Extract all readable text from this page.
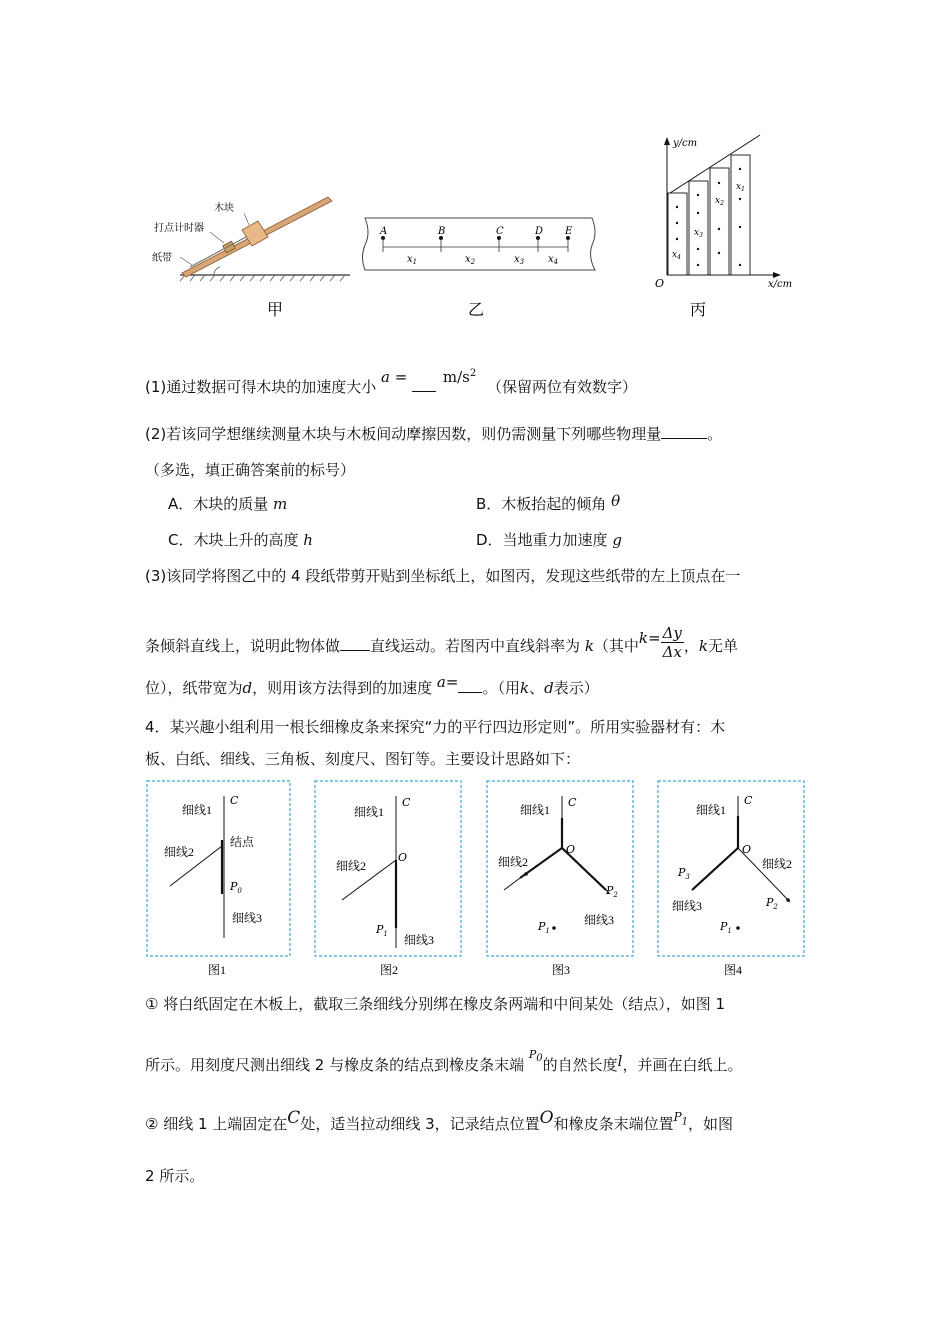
木块
打点计时器
纸带
甲
A	B	C	D E
$x_1$	$x_2$	$x_3$ $x_4$
乙
$x_4$
$x_3$
$x_2$
$x_1$
y/cm
x/cm
O
丙
(1)通过数据可得木块的加速度大小 $a = m/s^2$ （保留两位有效数字）
(2)若该同学想继续测量木块与木板间动摩擦因数，则仍需测量下列哪些物理量	。
（多选，填正确答案前的标号）
A．木块的质量 m	B．木板抬起的倾角 θ
C．木块上升的高度 h	D．当地重力加速度 g
(3)该同学将图乙中的 4 段纸带剪开贴到坐标纸上，如图丙，发现这些纸带的左上顶点在一
条倾斜直线上，说明此物体做 直线运动。若图丙中直线斜率为 k（其中$k= \frac{\Delta y}{\Delta x}$ ，k无单
位），纸带宽为d，则用该方法得到的加速度 a= 。（用k、d表示）
4．某兴趣小组利用一根长细橡皮条来探究“力的平行四边形定则”。所用实验器材有：木
板、白纸、细线、三角板、刻度尺、图钉等。主要设计思路如下：
C
细线1
细线2
结点
$P_0$
细线3
图1
C
细线1
细线2
O
$P_1$ 细线3
图2
C
细线1
细线2
O
$P_2$
细线3
$P_1$
图3
C
细线1
O
细线2
$P_3$
细线3	$P_2$
$P_1$
图4
① 将白纸固定在木板上，截取三条细线分别绑在橡皮条两端和中间某处（结点），如图 1
所示。用刻度尺测出细线 2 与橡皮条的结点到橡皮条末端 $^{P0}$的自然长度l，并画在白纸上。
② 细线 1 上端固定在C处，适当拉动细线 3，记录结点位置O和橡皮条末端位置$^{P_1}$，如图
2 所示。
